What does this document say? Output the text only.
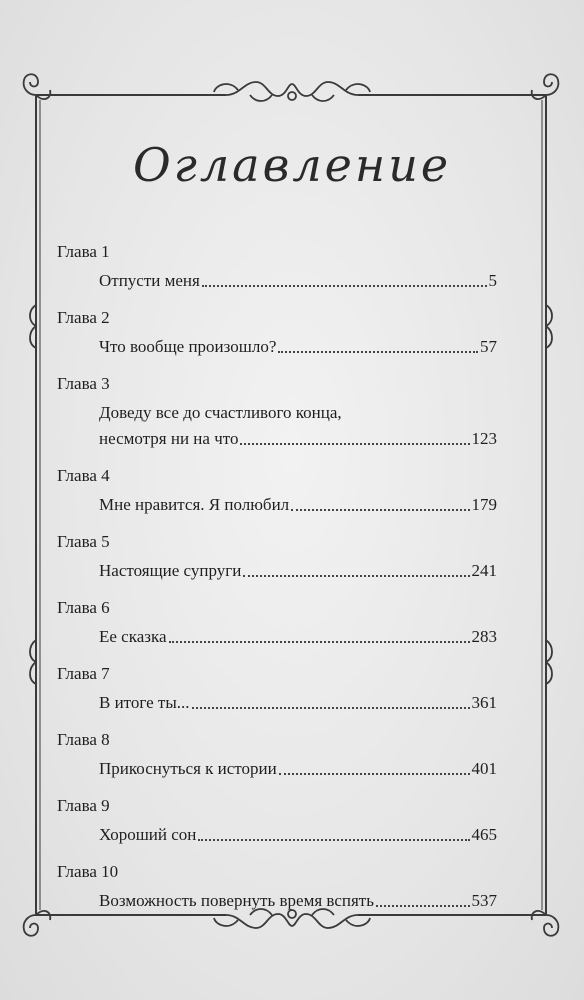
Оглавление
Глава 1
Отпусти меня	5
Глава 2
Что вообще произошло?	57
Глава 3
Доведу все до счастливого конца,
несмотря ни на что	123
Глава 4
Мне нравится. Я полюбил	179
Глава 5
Настоящие супруги	241
Глава 6
Ее сказка	283
Глава 7
В итоге ты...	361
Глава 8
Прикоснуться к истории	401
Глава 9
Хороший сон	465
Глава 10
Возможность повернуть время вспять	537
